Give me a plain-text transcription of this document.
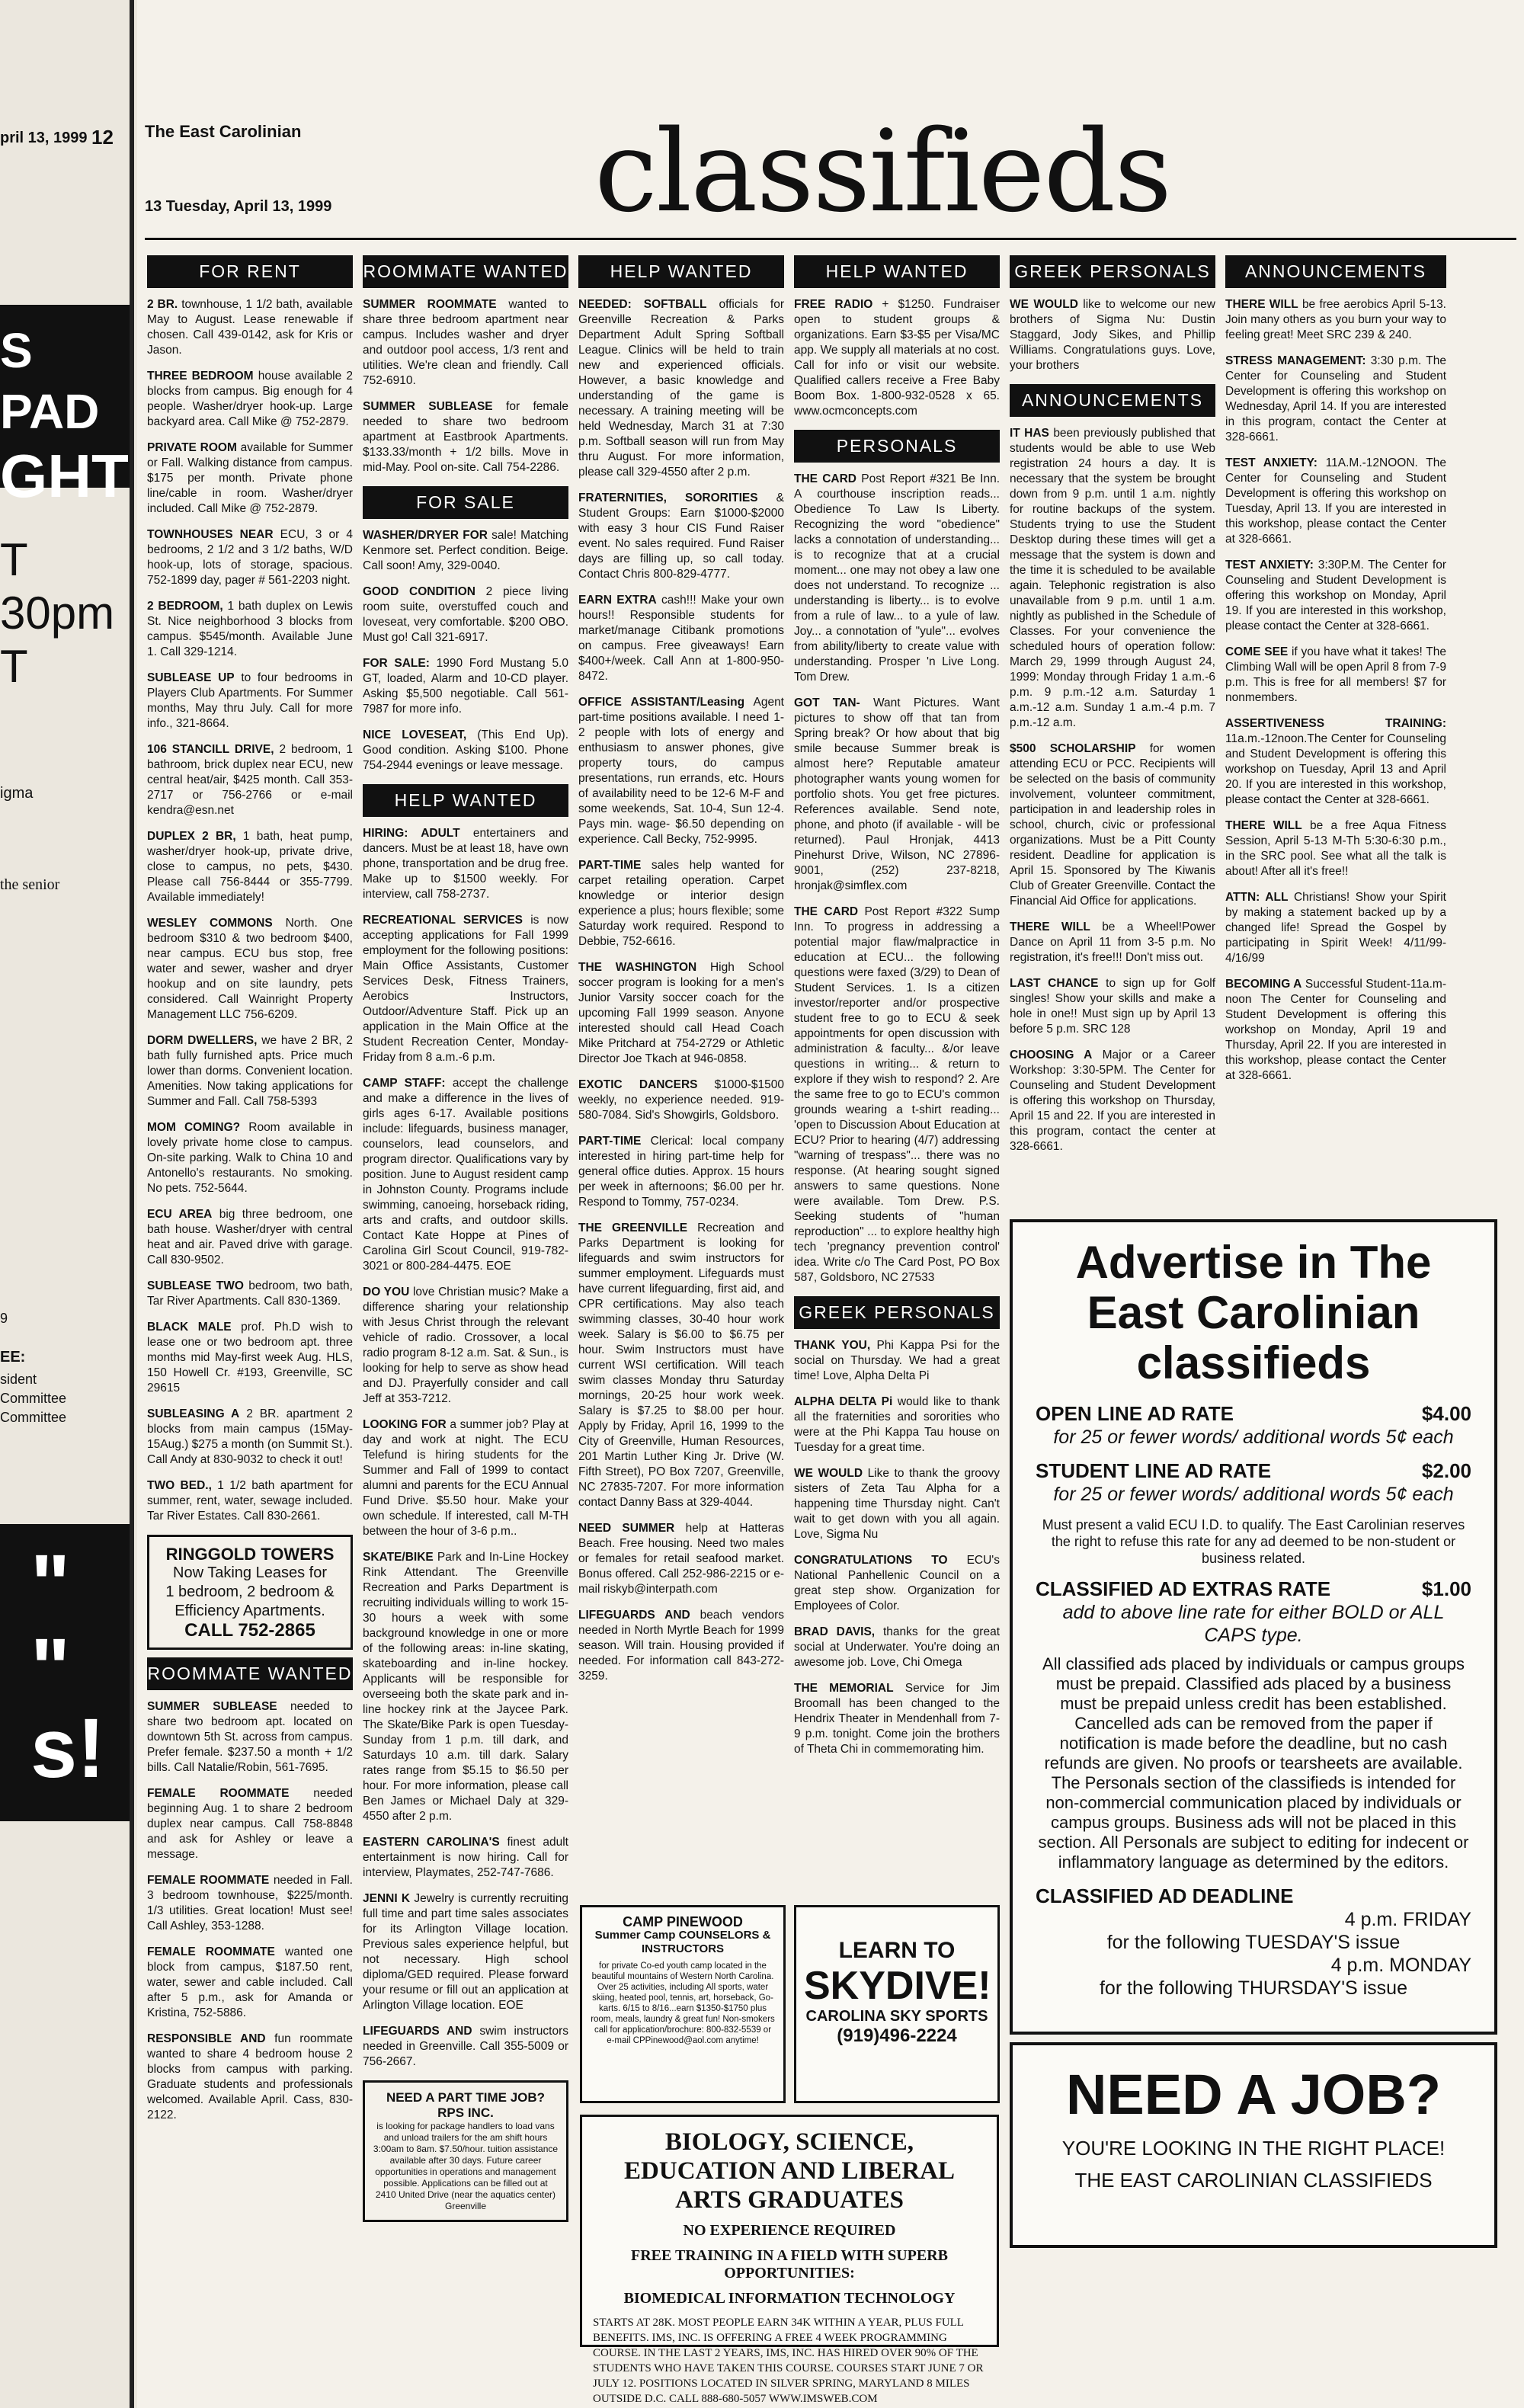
pril 13, 1999 12
S PAD
GHT
T
30pm
T
igma
the senior
9
EE:
sident
Committee
Committee
"
"
s!
The East Carolinian
13 Tuesday, April 13, 1999 classifieds
FOR RENT

2 BR. townhouse, 1 1/2 bath, available May to August. Lease renewable if chosen. Call 439-0142, ask for Kris or Jason.

THREE BEDROOM house available 2 blocks from campus. Big enough for 4 people. Washer/dryer hook-up. Large backyard area. Call Mike @ 752-2879.

PRIVATE ROOM available for Summer or Fall. Walking distance from campus. $175 per month. Private phone line/cable in room. Washer/dryer included. Call Mike @ 752-2879.

TOWNHOUSES NEAR ECU, 3 or 4 bedrooms, 2 1/2 and 3 1/2 baths, W/D hook-up, lots of storage, spacious. 752-1899 day, pager # 561-2203 night.

2 BEDROOM, 1 bath duplex on Lewis St. Nice neighborhood 3 blocks from campus. $545/month. Available June 1. Call 329-1214.

SUBLEASE UP to four bedrooms in Players Club Apartments. For Summer months, May thru July. Call for more info., 321-8664.

106 STANCILL DRIVE, 2 bedroom, 1 bathroom, brick duplex near ECU, new central heat/air, $425 month. Call 353-2717 or 756-2766 or e-mail kendra@esn.net

DUPLEX 2 BR, 1 bath, heat pump, washer/dryer hook-up, private drive, close to campus, no pets, $430. Please call 756-8444 or 355-7799. Available immediately!

WESLEY COMMONS North. One bedroom $310 & two bedroom $400, near campus. ECU bus stop, free water and sewer, washer and dryer hookup and on site laundry, pets considered. Call Wainright Property Management LLC 756-6209.

DORM DWELLERS, we have 2 BR, 2 bath fully furnished apts. Price much lower than dorms. Convenient location. Amenities. Now taking applications for Summer and Fall. Call 758-5393

MOM COMING? Room available in lovely private home close to campus. On-site parking. Walk to China 10 and Antonello's restaurants. No smoking. No pets. 752-5644.

ECU AREA big three bedroom, one bath house. Washer/dryer with central heat and air. Paved drive with garage. Call 830-9502.

SUBLEASE TWO bedroom, two bath, Tar River Apartments. Call 830-1369.

BLACK MALE prof. Ph.D wish to lease one or two bedroom apt. three months mid May-first week Aug. HLS, 150 Howell Cr. #193, Greenville, SC 29615

SUBLEASING A 2 BR. apartment 2 blocks from main campus (15May-15Aug.) $275 a month (on Summit St.). Call Andy at 830-9032 to check it out!

TWO BED., 1 1/2 bath apartment for summer, rent, water, sewage included. Tar River Estates. Call 830-2661.

RINGGOLD TOWERS
Now Taking Leases for
1 bedroom, 2 bedroom &
Efficiency Apartments.
CALL 752-2865
ROOMMATE WANTED

SUMMER SUBLEASE needed to share two bedroom apt. located on downtown 5th St. across from campus. Prefer female. $237.50 a month + 1/2 bills. Call Natalie/Robin, 561-7695.

FEMALE ROOMMATE needed beginning Aug. 1 to share 2 bedroom duplex near campus. Call 758-8848 and ask for Ashley or leave a message.

FEMALE ROOMMATE needed in Fall. 3 bedroom townhouse, $225/month. 1/3 utilities. Great location! Must see! Call Ashley, 353-1288.

FEMALE ROOMMATE wanted one block from campus, $187.50 rent, water, sewer and cable included. Call after 5 p.m., ask for Amanda or Kristina, 752-5886.

RESPONSIBLE AND fun roommate wanted to share 4 bedroom house 2 blocks from campus with parking. Graduate students and professionals welcomed. Available April. Cass, 830-2122.

ROOMMATE WANTED

SUMMER ROOMMATE wanted to share three bedroom apartment near campus. Includes washer and dryer and outdoor pool access, 1/3 rent and utilities. We're clean and friendly. Call 752-6910.

SUMMER SUBLEASE for female needed to share two bedroom apartment at Eastbrook Apartments. $133.33/month + 1/2 bills. Move in mid-May. Pool on-site. Call 754-2286.

FOR SALE

WASHER/DRYER FOR sale! Matching Kenmore set. Perfect condition. Beige. Call soon! Amy, 329-0040.

GOOD CONDITION 2 piece living room suite, overstuffed couch and loveseat, very comfortable. $200 OBO. Must go! Call 321-6917.

FOR SALE: 1990 Ford Mustang 5.0 GT, loaded, Alarm and 10-CD player. Asking $5,500 negotiable. Call 561-7987 for more info.

NICE LOVESEAT, (This End Up). Good condition. Asking $100. Phone 754-2944 evenings or leave message.

HELP WANTED

HIRING: ADULT entertainers and dancers. Must be at least 18, have own phone, transportation and be drug free. Make up to $1500 weekly. For interview, call 758-2737.

RECREATIONAL SERVICES is now accepting applications for Fall 1999 employment for the following positions: Main Office Assistants, Customer Services Desk, Fitness Trainers, Aerobics Instructors, Outdoor/Adventure Staff. Pick up an application in the Main Office at the Student Recreation Center, Monday-Friday from 8 a.m.-6 p.m.

CAMP STAFF: accept the challenge and make a difference in the lives of girls ages 6-17. Available positions include: lifeguards, business manager, counselors, lead counselors, and program director. Qualifications vary by position. June to August resident camp in Johnston County. Programs include swimming, canoeing, horseback riding, arts and crafts, and outdoor skills. Contact Kate Hoppe at Pines of Carolina Girl Scout Council, 919-782-3021 or 800-284-4475. EOE

DO YOU love Christian music? Make a difference sharing your relationship with Jesus Christ through the relevant vehicle of radio. Crossover, a local radio program 8-12 a.m. Sat. & Sun., is looking for help to serve as show head and DJ. Prayerfully consider and call Jeff at 353-7212.

LOOKING FOR a summer job? Play at day and work at night. The ECU Telefund is hiring students for the Summer and Fall of 1999 to contact alumni and parents for the ECU Annual Fund Drive. $5.50 hour. Make your own schedule. If interested, call M-TH between the hour of 3-6 p.m..

SKATE/BIKE Park and In-Line Hockey Rink Attendant. The Greenville Recreation and Parks Department is recruiting individuals willing to work 15-30 hours a week with some background knowledge in one or more of the following areas: in-line skating, skateboarding and in-line hockey. Applicants will be responsible for overseeing both the skate park and in-line hockey rink at the Jaycee Park. The Skate/Bike Park is open Tuesday-Sunday from 1 p.m. till dark, and Saturdays 10 a.m. till dark. Salary rates range from $5.15 to $6.50 per hour. For more information, please call Ben James or Michael Daly at 329-4550 after 2 p.m.

EASTERN CAROLINA'S finest adult entertainment is now hiring. Call for interview, Playmates, 252-747-7686.

JENNI K Jewelry is currently recruiting full time and part time sales associates for its Arlington Village location. Previous sales experience helpful, but not necessary. High school diploma/GED required. Please forward your resume or fill out an application at Arlington Village location. EOE

LIFEGUARDS AND swim instructors needed in Greenville. Call 355-5009 or 756-2667.

NEED A PART TIME JOB? RPS INC.
is looking for package handlers to load vans and unload trailers for the am shift hours 3:00am to 8am. $7.50/hour. tuition assistance available after 30 days. Future career opportunities in operations and management possible. Applications can be filled out at 2410 United Drive (near the aquatics center) Greenville
HELP WANTED

NEEDED: SOFTBALL officials for Greenville Recreation & Parks Department Adult Spring Softball League. Clinics will be held to train new and experienced officials. However, a basic knowledge and understanding of the game is necessary. A training meeting will be held Wednesday, March 31 at 7:30 p.m. Softball season will run from May thru August. For more information, please call 329-4550 after 2 p.m.

FRATERNITIES, SORORITIES & Student Groups: Earn $1000-$2000 with easy 3 hour CIS Fund Raiser event. No sales required. Fund Raiser days are filling up, so call today. Contact Chris 800-829-4777.

EARN EXTRA cash!!! Make your own hours!! Responsible students for market/manage Citibank promotions on campus. Free giveaways! Earn $400+/week. Call Ann at 1-800-950-8472.

OFFICE ASSISTANT/Leasing Agent part-time positions available. I need 1-2 people with lots of energy and enthusiasm to answer phones, give property tours, do campus presentations, run errands, etc. Hours of availability need to be 12-6 M-F and some weekends, Sat. 10-4, Sun 12-4. Pays min. wage- $6.50 depending on experience. Call Becky, 752-9995.

PART-TIME sales help wanted for carpet retailing operation. Carpet knowledge or interior design experience a plus; hours flexible; some Saturday work required. Respond to Debbie, 752-6616.

THE WASHINGTON High School soccer program is looking for a men's Junior Varsity soccer coach for the upcoming Fall 1999 season. Anyone interested should call Head Coach Mike Pritchard at 754-2729 or Athletic Director Joe Tkach at 946-0858.

EXOTIC DANCERS $1000-$1500 weekly, no experience needed. 919-580-7084. Sid's Showgirls, Goldsboro.

PART-TIME Clerical: local company interested in hiring part-time help for general office duties. Approx. 15 hours per week in afternoons; $6.00 per hr. Respond to Tommy, 757-0234.

THE GREENVILLE Recreation and Parks Department is looking for lifeguards and swim instructors for summer employment. Lifeguards must have current lifeguarding, first aid, and CPR certifications. May also teach swimming classes, 30-40 hour work week. Salary is $6.00 to $6.75 per hour. Swim Instructors must have current WSI certification. Will teach swim classes Monday thru Saturday mornings, 20-25 hour work week. Salary is $7.25 to $8.00 per hour. Apply by Friday, April 16, 1999 to the City of Greenville, Human Resources, 201 Martin Luther King Jr. Drive (W. Fifth Street), PO Box 7207, Greenville, NC 27835-7207. For more information contact Danny Bass at 329-4044.

NEED SUMMER help at Hatteras Beach. Free housing. Need two males or females for retail seafood market. Bonus offered. Call 252-986-2215 or e-mail riskyb@interpath.com

LIFEGUARDS AND beach vendors needed in North Myrtle Beach for 1999 season. Will train. Housing provided if needed. For information call 843-272-3259.

HELP WANTED

FREE RADIO + $1250. Fundraiser open to student groups & organizations. Earn $3-$5 per Visa/MC app. We supply all materials at no cost. Call for info or visit our website. Qualified callers receive a Free Baby Boom Box. 1-800-932-0528 x 65. www.ocmconcepts.com

PERSONALS

THE CARD Post Report #321 Be Inn. A courthouse inscription reads... Obedience To Law Is Liberty. Recognizing the word "obedience" lacks a connotation of understanding... is to recognize that at a crucial moment... one may not obey a law one does not understand. To recognize ... understanding is liberty... is to evolve from a rule of law... to a yule of law. Joy... a connotation of "yule"... evolves from ability/liberty to create value with understanding. Prosper 'n Live Long. Tom Drew.

GOT TAN- Want Pictures. Want pictures to show off that tan from Spring break? Or how about that big smile because Summer break is almost here? Reputable amateur photographer wants young women for portfolio shots. You get free pictures. References available. Send note, phone, and photo (if available - will be returned). Paul Hronjak, 4413 Pinehurst Drive, Wilson, NC 27896-9001, (252) 237-8218, hronjak@simflex.com

THE CARD Post Report #322 Sump Inn. To progress in addressing a potential major flaw/malpractice in education at ECU... the following questions were faxed (3/29) to Dean of Student Services. 1. Is a citizen investor/reporter and/or prospective student free to go to ECU & seek appointments for open discussion with administration & faculty... &/or leave questions in writing... & return to explore if they wish to respond? 2. Are the same free to go to ECU's common grounds wearing a t-shirt reading... 'open to Discussion About Education at ECU? Prior to hearing (4/7) addressing "warning of trespass"... there was no response. (At hearing sought signed answers to same questions. None were available. Tom Drew. P.S. Seeking students of "human reproduction" ... to explore healthy high tech 'pregnancy prevention control' idea. Write c/o The Card Post, PO Box 587, Goldsboro, NC 27533

GREEK PERSONALS

THANK YOU, Phi Kappa Psi for the social on Thursday. We had a great time! Love, Alpha Delta Pi

ALPHA DELTA Pi would like to thank all the fraternities and sororities who were at the Phi Kappa Tau house on Tuesday for a great time.

WE WOULD Like to thank the groovy sisters of Zeta Tau Alpha for a happening time Thursday night. Can't wait to get down with you all again. Love, Sigma Nu

CONGRATULATIONS TO ECU's National Panhellenic Council on a great step show. Organization for Employees of Color.

BRAD DAVIS, thanks for the great social at Underwater. You're doing an awesome job. Love, Chi Omega

THE MEMORIAL Service for Jim Broomall has been changed to the Hendrix Theater in Mendenhall from 7-9 p.m. tonight. Come join the brothers of Theta Chi in commemorating him.

GREEK PERSONALS

WE WOULD like to welcome our new brothers of Sigma Nu: Dustin Staggard, Jody Sikes, and Phillip Williams. Congratulations guys. Love, your brothers

ANNOUNCEMENTS

IT HAS been previously published that students would be able to use Web registration 24 hours a day. It is necessary that the system be brought down from 9 p.m. until 1 a.m. nightly for routine backups of the system. Students trying to use the Student Desktop during these times will get a message that the system is down and the time it is scheduled to be available again. Telephonic registration is also unavailable from 9 p.m. until 1 a.m. nightly as published in the Schedule of Classes. For your convenience the scheduled hours of operation follow: March 29, 1999 through August 24, 1999: Monday through Friday 1 a.m.-6 p.m. 9 p.m.-12 a.m. Saturday 1 a.m.-12 a.m. Sunday 1 a.m.-4 p.m. 7 p.m.-12 a.m.

$500 SCHOLARSHIP for women attending ECU or PCC. Recipients will be selected on the basis of community involvement, volunteer commitment, participation in and leadership roles in school, church, civic or professional organizations. Must be a Pitt County resident. Deadline for application is April 15. Sponsored by The Kiwanis Club of Greater Greenville. Contact the Financial Aid Office for applications.

THERE WILL be a Wheel!Power Dance on April 11 from 3-5 p.m. No registration, it's free!!! Don't miss out.

LAST CHANCE to sign up for Golf singles! Show your skills and make a hole in one!! Must sign up by April 13 before 5 p.m. SRC 128

CHOOSING A Major or a Career Workshop: 3:30-5PM. The Center for Counseling and Student Development is offering this workshop on Thursday, April 15 and 22. If you are interested in this program, contact the center at 328-6661.

ANNOUNCEMENTS

THERE WILL be free aerobics April 5-13. Join many others as you burn your way to feeling great! Meet SRC 239 & 240.

STRESS MANAGEMENT: 3:30 p.m. The Center for Counseling and Student Development is offering this workshop on Wednesday, April 14. If you are interested in this program, contact the Center at 328-6661.

TEST ANXIETY: 11A.M.-12NOON. The Center for Counseling and Student Development is offering this workshop on Tuesday, April 13. If you are interested in this workshop, please contact the Center at 328-6661.

TEST ANXIETY: 3:30P.M. The Center for Counseling and Student Development is offering this workshop on Monday, April 19. If you are interested in this workshop, please contact the Center at 328-6661.

COME SEE if you have what it takes! The Climbing Wall will be open April 8 from 7-9 p.m. This is free for all members! $7 for nonmembers.

ASSERTIVENESS TRAINING: 11a.m.-12noon.The Center for Counseling and Student Development is offering this workshop on Tuesday, April 13 and April 20. If you are interested in this workshop, please contact the Center at 328-6661.

THERE WILL be a free Aqua Fitness Session, April 5-13 M-Th 5:30-6:30 p.m., in the SRC pool. See what all the talk is about! After all it's free!!

ATTN: ALL Christians! Show your Spirit by making a statement backed up by a changed life! Spread the Gospel by participating in Spirit Week! 4/11/99-4/16/99

BECOMING A Successful Student-11a.m-noon The Center for Counseling and Student Development is offering this workshop on Monday, April 19 and Thursday, April 22. If you are interested in this workshop, please contact the Center at 328-6661.

Advertise in The East Carolinian classifieds
OPEN LINE AD RATE	$4.00
for 25 or fewer words/ additional words 5¢ each
STUDENT LINE AD RATE	$2.00
for 25 or fewer words/ additional words 5¢ each
Must present a valid ECU I.D. to qualify. The East Carolinian reserves the right to refuse this rate for any ad deemed to be non-student or business related.
CLASSIFIED AD EXTRAS RATE	$1.00
add to above line rate for either BOLD or ALL CAPS type.
All classified ads placed by individuals or campus groups must be prepaid. Classified ads placed by a business must be prepaid unless credit has been established. Cancelled ads can be removed from the paper if notification is made before the deadline, but no cash refunds are given. No proofs or tearsheets are available. The Personals section of the classifieds is intended for non-commercial communication placed by individuals or campus groups. Business ads will not be placed in this section. All Personals are subject to editing for indecent or inflammatory language as determined by the editors.
CLASSIFIED AD DEADLINE
4 p.m. FRIDAY
for the following TUESDAY'S issue
4 p.m. MONDAY
for the following THURSDAY'S issue
NEED A JOB?
YOU'RE LOOKING IN THE RIGHT PLACE!
THE EAST CAROLINIAN CLASSIFIEDS
CAMP PINEWOOD
Summer Camp COUNSELORS & INSTRUCTORS
for private Co-ed youth camp located in the beautiful mountains of Western North Carolina. Over 25 activities, including All sports, water skiing, heated pool, tennis, art, horseback, Go-karts. 6/15 to 8/16...earn $1350-$1750 plus room, meals, laundry & great fun! Non-smokers call for application/brochure: 800-832-5539 or e-mail CPPinewood@aol.com anytime!
LEARN TO
SKYDIVE!
CAROLINA SKY SPORTS
(919)496-2224
BIOLOGY, SCIENCE, EDUCATION AND LIBERAL ARTS GRADUATES
NO EXPERIENCE REQUIRED
FREE TRAINING IN A FIELD WITH SUPERB OPPORTUNITIES:
BIOMEDICAL INFORMATION TECHNOLOGY
STARTS AT 28K. MOST PEOPLE EARN 34K WITHIN A YEAR, PLUS FULL BENEFITS. IMS, INC. IS OFFERING A FREE 4 WEEK PROGRAMMING COURSE. IN THE LAST 2 YEARS, IMS, INC. HAS HIRED OVER 90% OF THE STUDENTS WHO HAVE TAKEN THIS COURSE. COURSES START JUNE 7 OR JULY 12. POSITIONS LOCATED IN SILVER SPRING, MARYLAND 8 MILES OUTSIDE D.C. CALL 888-680-5057 WWW.IMSWEB.COM
